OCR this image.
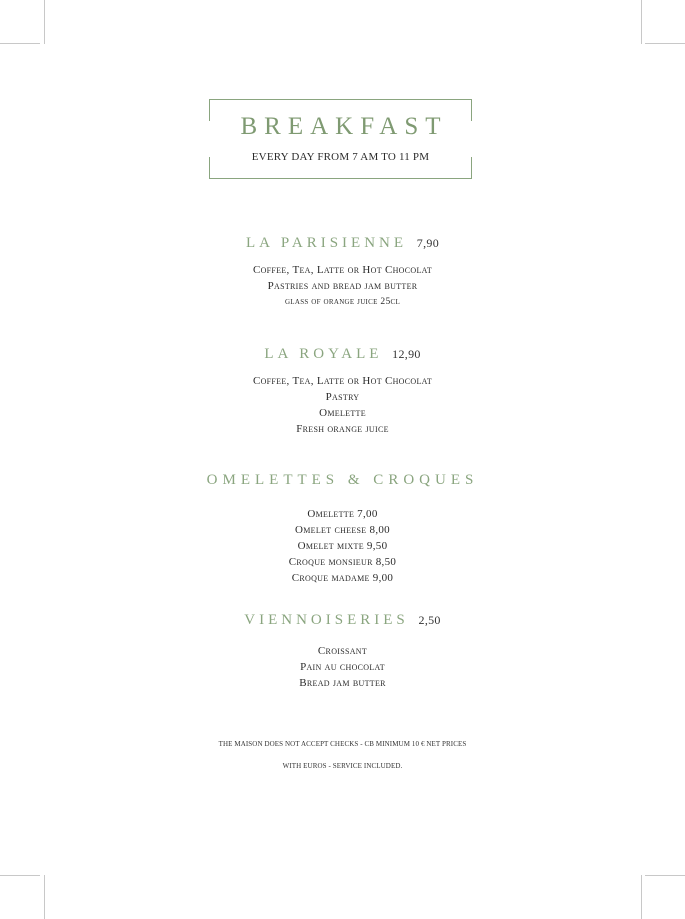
BREAKFAST
EVERY DAY FROM 7 AM TO 11 PM
LA PARISIENNE 7,90
Coffee, Tea, Latte or Hot Chocolat
Pastries and bread jam butter
glass of orange juice 25cl
LA ROYALE 12,90
Coffee, Tea, Latte or Hot Chocolat
Pastry
Omelette
Fresh orange juice
OMELETTES & CROQUES
Omelette 7,00
Omelet cheese 8,00
Omelet mixte 9,50
Croque monsieur 8,50
Croque madame 9,00
VIENNOISERIES 2,50
Croissant
Pain au chocolat
Bread jam butter
THE MAISON DOES NOT ACCEPT CHECKS - CB MINIMUM 10 € NET PRICES
WITH EUROS - SERVICE INCLUDED.
